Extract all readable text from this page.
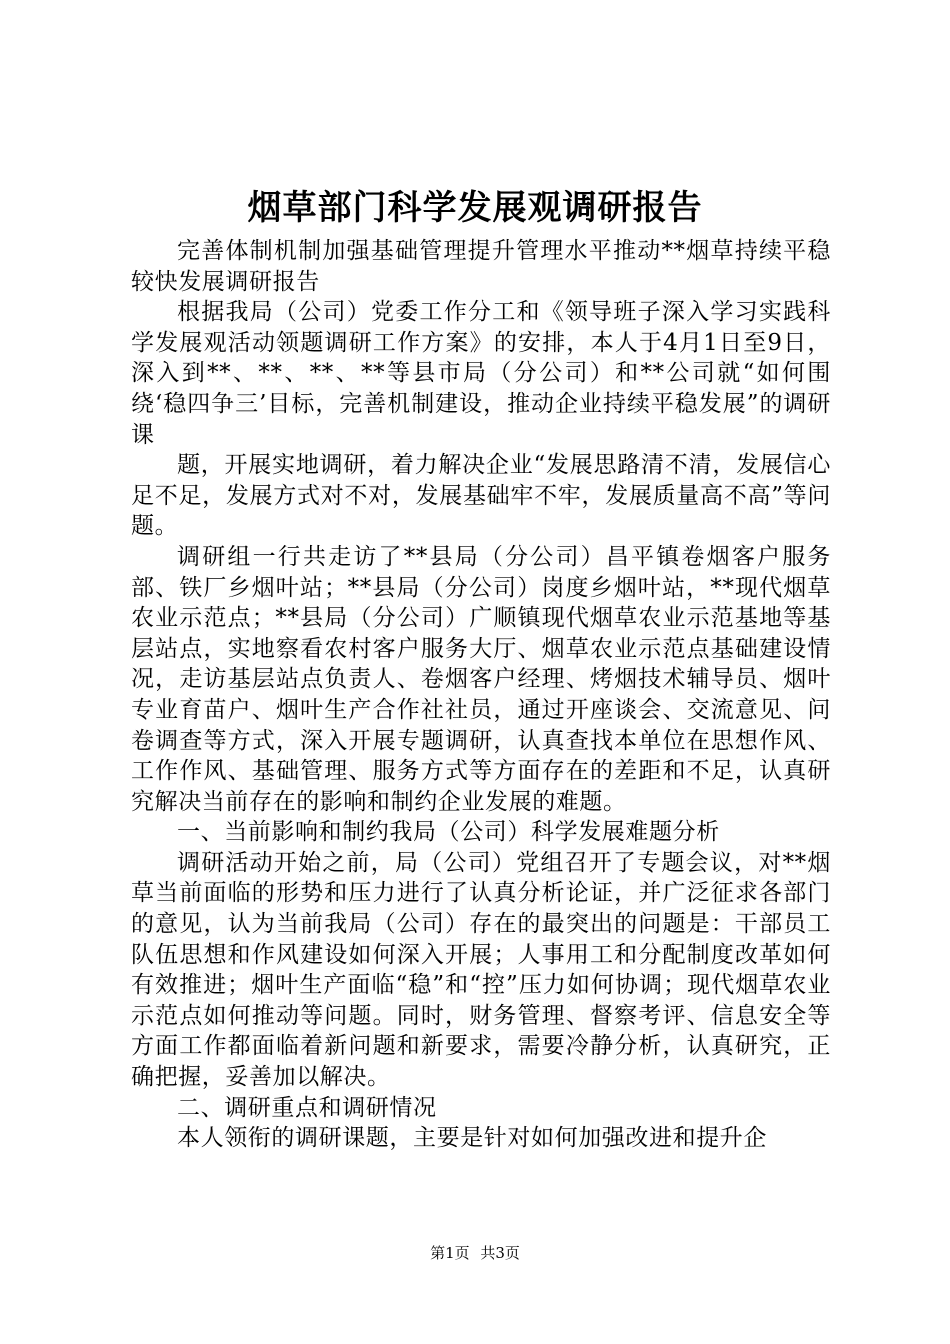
烟草部门科学发展观调研报告

完善体制机制加强基础管理提升管理水平推动**烟草持续平稳较快发展调研报告

根据我局（公司）党委工作分工和《领导班子深入学习实践科学发展观活动领题调研工作方案》的安排，本人于4月1日至9日，深入到**、**、**、**等县市局（分公司）和**公司就“如何围绕‘稳四争三’目标，完善机制建设，推动企业持续平稳发展”的调研课

题，开展实地调研，着力解决企业“发展思路清不清，发展信心足不足，发展方式对不对，发展基础牢不牢，发展质量高不高”等问题。

调研组一行共走访了**县局（分公司）昌平镇卷烟客户服务部、铁厂乡烟叶站；**县局（分公司）岗度乡烟叶站，**现代烟草农业示范点；**县局（分公司）广顺镇现代烟草农业示范基地等基层站点，实地察看农村客户服务大厅、烟草农业示范点基础建设情况，走访基层站点负责人、卷烟客户经理、烤烟技术辅导员、烟叶专业育苗户、烟叶生产合作社社员，通过开座谈会、交流意见、问卷调查等方式，深入开展专题调研，认真查找本单位在思想作风、工作作风、基础管理、服务方式等方面存在的差距和不足，认真研究解决当前存在的影响和制约企业发展的难题。

一、当前影响和制约我局（公司）科学发展难题分析

调研活动开始之前，局（公司）党组召开了专题会议，对**烟草当前面临的形势和压力进行了认真分析论证，并广泛征求各部门的意见，认为当前我局（公司）存在的最突出的问题是：干部员工队伍思想和作风建设如何深入开展；人事用工和分配制度改革如何有效推进；烟叶生产面临“稳”和“控”压力如何协调；现代烟草农业示范点如何推动等问题。同时，财务管理、督察考评、信息安全等方面工作都面临着新问题和新要求，需要冷静分析，认真研究，正确把握，妥善加以解决。

二、调研重点和调研情况

本人领衔的调研课题，主要是针对如何加强改进和提升企

第1页 共3页
